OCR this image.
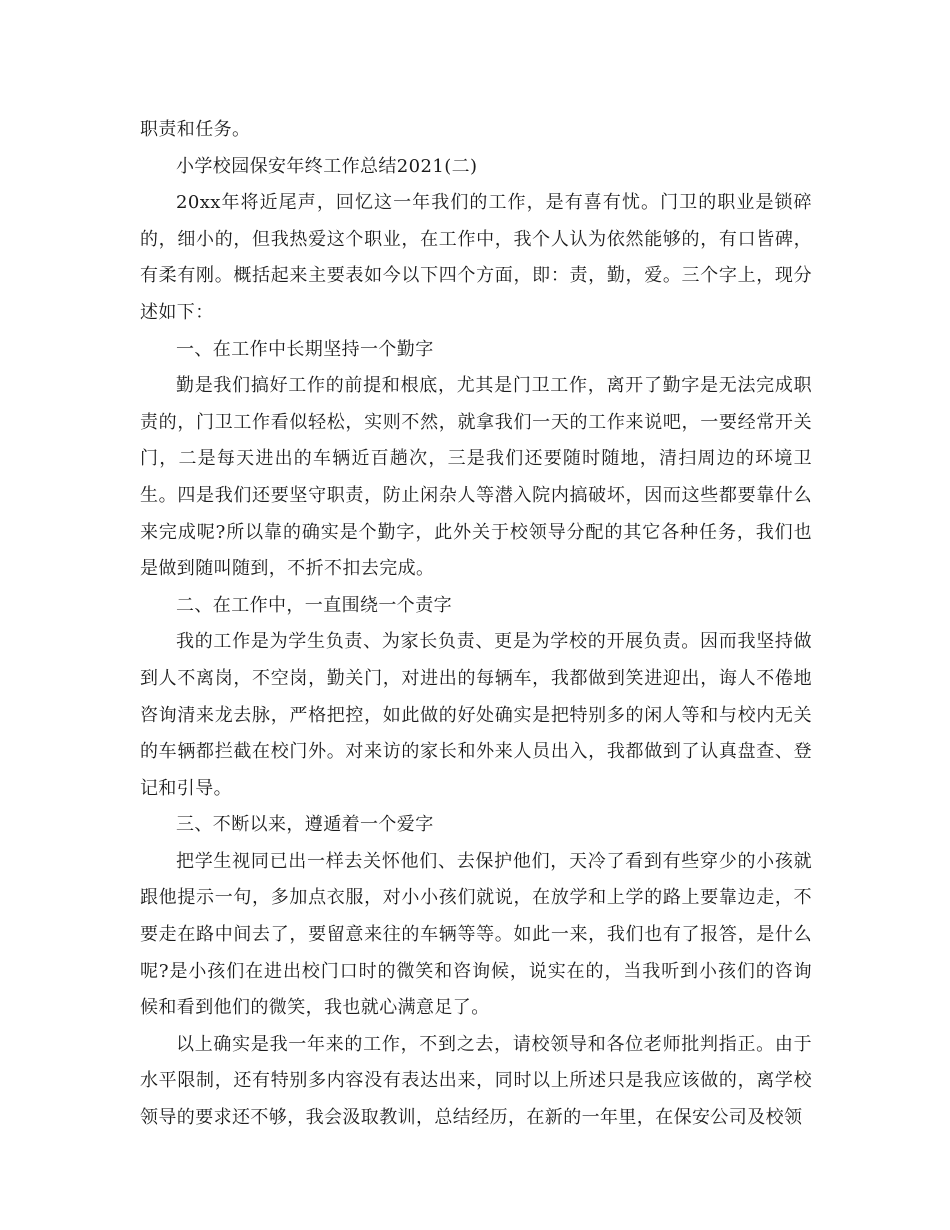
职责和任务。

小学校园保安年终工作总结2021(二)

20xx年将近尾声，回忆这一年我们的工作，是有喜有忧。门卫的职业是锁碎的，细小的，但我热爱这个职业，在工作中，我个人认为依然能够的，有口皆碑，有柔有刚。概括起来主要表如今以下四个方面，即：责，勤，爱。三个字上，现分述如下：

一、在工作中长期坚持一个勤字

勤是我们搞好工作的前提和根底，尤其是门卫工作，离开了勤字是无法完成职责的，门卫工作看似轻松，实则不然，就拿我们一天的工作来说吧，一要经常开关门，二是每天进出的车辆近百趟次，三是我们还要随时随地，清扫周边的环境卫生。四是我们还要坚守职责，防止闲杂人等潜入院内搞破坏，因而这些都要靠什么来完成呢?所以靠的确实是个勤字，此外关于校领导分配的其它各种任务，我们也是做到随叫随到，不折不扣去完成。

二、在工作中，一直围绕一个责字

我的工作是为学生负责、为家长负责、更是为学校的开展负责。因而我坚持做到人不离岗，不空岗，勤关门，对进出的每辆车，我都做到笑进迎出，诲人不倦地咨询清来龙去脉，严格把控，如此做的好处确实是把特别多的闲人等和与校内无关的车辆都拦截在校门外。对来访的家长和外来人员出入，我都做到了认真盘查、登记和引导。

三、不断以来，遵遁着一个爱字

把学生视同已出一样去关怀他们、去保护他们，天冷了看到有些穿少的小孩就跟他提示一句，多加点衣服，对小小孩们就说，在放学和上学的路上要靠边走，不要走在路中间去了，要留意来往的车辆等等。如此一来，我们也有了报答，是什么呢?是小孩们在进出校门口时的微笑和咨询候，说实在的，当我听到小孩们的咨询候和看到他们的微笑，我也就心满意足了。

以上确实是我一年来的工作，不到之去，请校领导和各位老师批判指正。由于水平限制，还有特别多内容没有表达出来，同时以上所述只是我应该做的，离学校领导的要求还不够，我会汲取教训，总结经历，在新的一年里，在保安公司及校领
